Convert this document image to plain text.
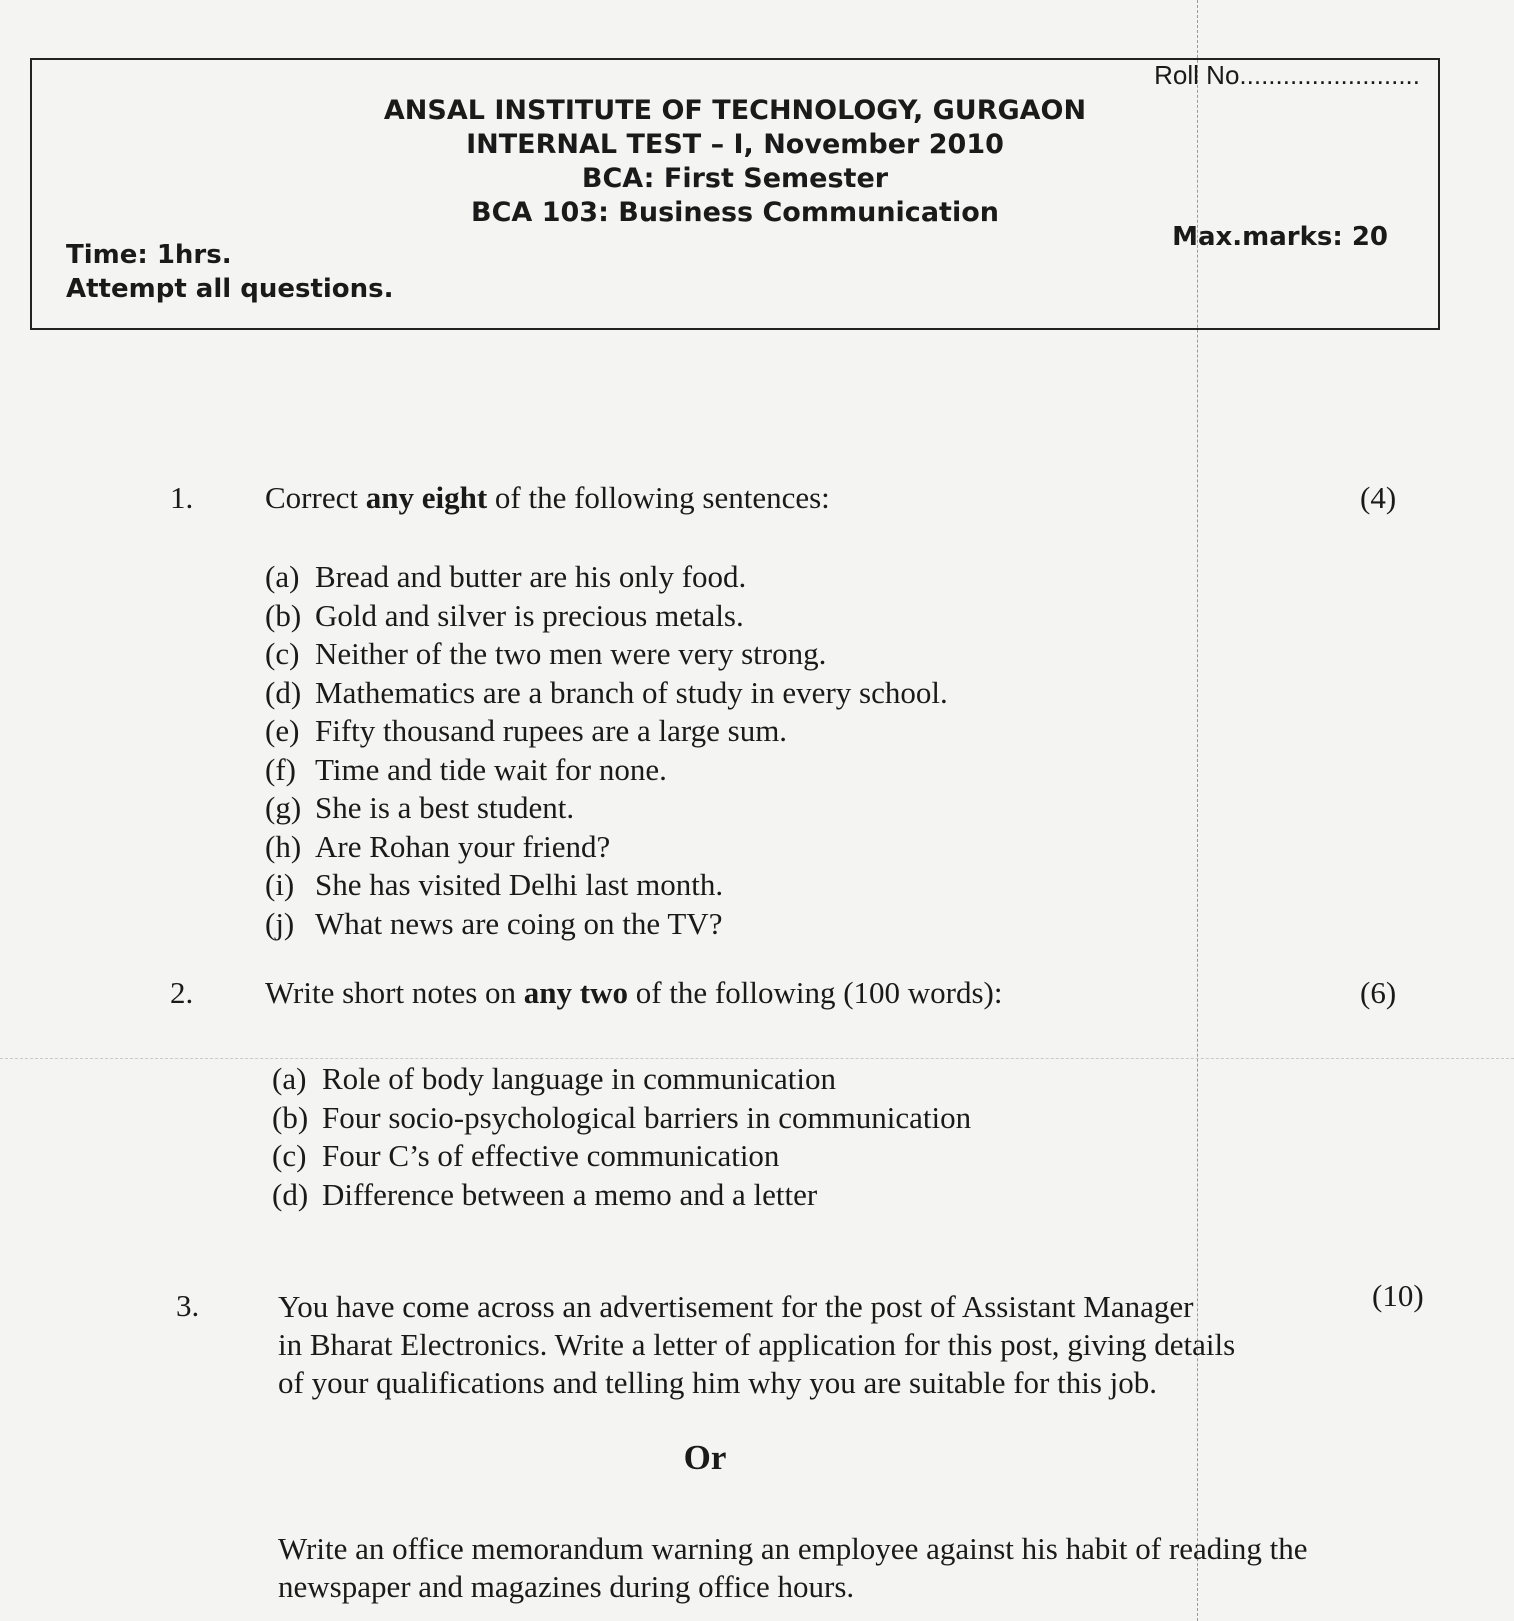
Roll No.........................
ANSAL INSTITUTE OF TECHNOLOGY, GURGAON
INTERNAL TEST – I, November 2010
BCA: First Semester
BCA 103: Business Communication
Time: 1hrs.
Attempt all questions.
Max.marks: 20
1. Correct any eight of the following sentences:	(4)
(a) Bread and butter are his only food.
(b) Gold and silver is precious metals.
(c) Neither of the two men were very strong.
(d) Mathematics are a branch of study in every school.
(e) Fifty thousand rupees are a large sum.
(f) Time and tide wait for none.
(g) She is a best student.
(h) Are Rohan your friend?
(i) She has visited Delhi last month.
(j) What news are coing on the TV?
2. Write short notes on any two of the following (100 words):	(6)
(a) Role of body language in communication
(b) Four socio-psychological barriers in communication
(c) Four C’s of effective communication
(d) Difference between a memo and a letter
3.	(10)
You have come across an advertisement for the post of Assistant Manager
in Bharat Electronics. Write a letter of application for this post, giving details
of your qualifications and telling him why you are suitable for this job.
Or
Write an office memorandum warning an employee against his habit of reading the
newspaper and magazines during office hours.
